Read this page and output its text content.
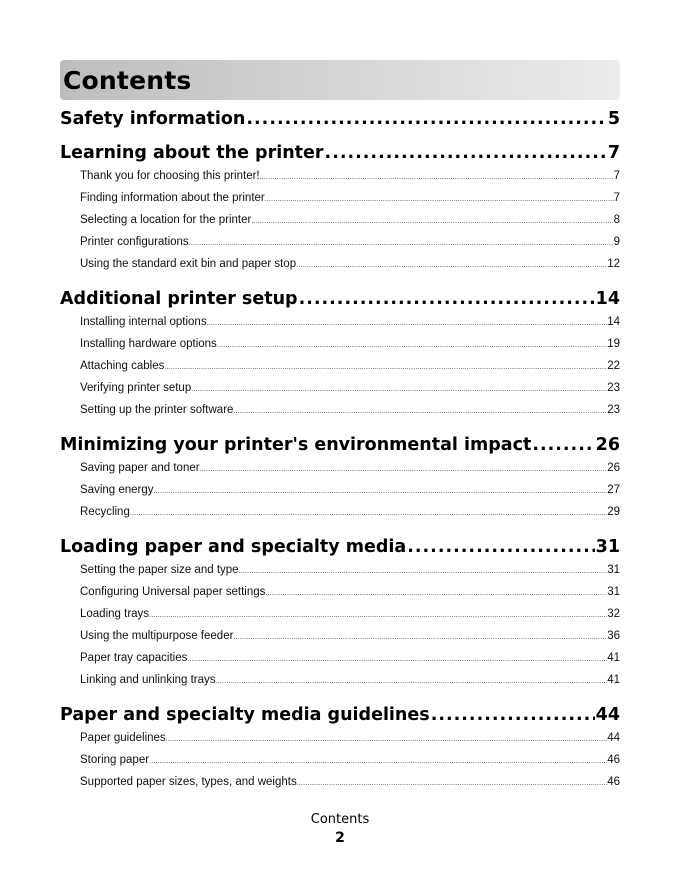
Contents
Safety information .....	5
Learning about the printer .....	7
Thank you for choosing this printer! .....	7
Finding information about the printer .....	7
Selecting a location for the printer .....	8
Printer configurations .....	9
Using the standard exit bin and paper stop .....	12
Additional printer setup .....	14
Installing internal options .....	14
Installing hardware options .....	19
Attaching cables .....	22
Verifying printer setup .....	23
Setting up the printer software .....	23
Minimizing your printer's environmental impact .....	26
Saving paper and toner .....	26
Saving energy .....	27
Recycling .....	29
Loading paper and specialty media .....	31
Setting the paper size and type .....	31
Configuring Universal paper settings .....	31
Loading trays .....	32
Using the multipurpose feeder .....	36
Paper tray capacities .....	41
Linking and unlinking trays .....	41
Paper and specialty media guidelines .....	44
Paper guidelines .....	44
Storing paper .....	46
Supported paper sizes, types, and weights .....	46
Contents
2
